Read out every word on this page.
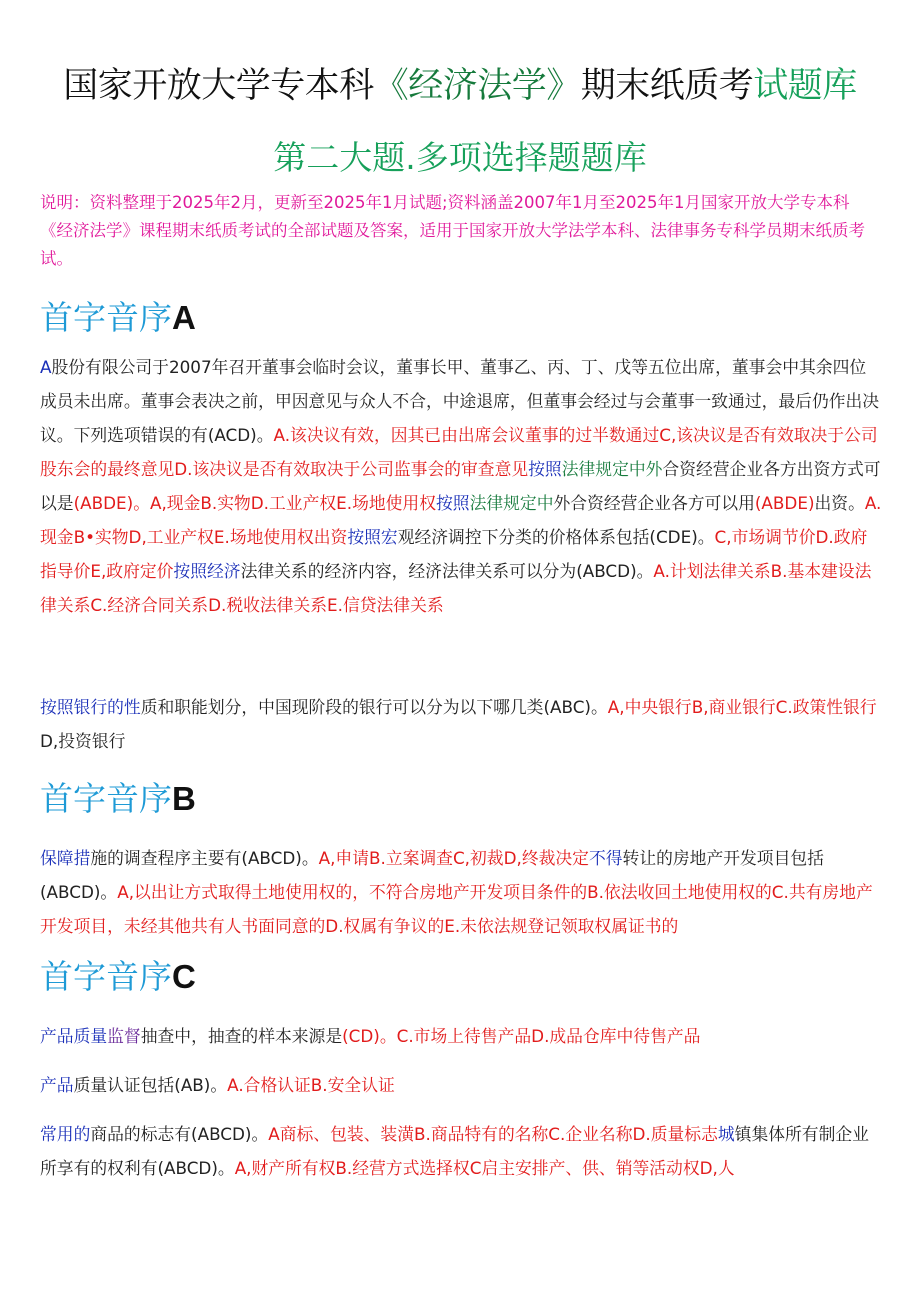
国家开放大学专本科《经济法学》期末纸质考试题库
第二大题.多项选择题题库
说明：资料整理于2025年2月，更新至2025年1月试题;资料涵盖2007年1月至2025年1月国家开放大学专本科《经济法学》课程期末纸质考试的全部试题及答案，适用于国家开放大学法学本科、法律事务专科学员期末纸质考试。
首字音序A
A股份有限公司于2007年召开董事会临时会议，董事长甲、董事乙、丙、丁、戊等五位出席，董事会中其余四位成员未出席。董事会表决之前，甲因意见与众人不合，中途退席，但董事会经过与会董事一致通过，最后仍作出决议。下列选项错误的有(ACD)。A.该决议有效，因其已由出席会议董事的过半数通过C,该决议是否有效取决于公司股东会的最终意见D.该决议是否有效取决于公司监事会的审查意见按照法律规定中外合资经营企业各方出资方式可以是(ABDE)。A,现金B.实物D.工业产权E.场地使用权按照法律规定中外合资经营企业各方可以用(ABDE)出资。A.现金B•实物D,工业产权E.场地使用权出资按照宏观经济调控下分类的价格体系包括(CDE)。C,市场调节价D.政府指导价E,政府定价按照经济法律关系的经济内容，经济法律关系可以分为(ABCD)。A.计划法律关系B.基本建设法律关系C.经济合同关系D.税收法律关系E.信贷法律关系
按照银行的性质和职能划分，中国现阶段的银行可以分为以下哪几类(ABC)。A,中央银行B,商业银行C.政策性银行D,投资银行
首字音序B
保障措施的调查程序主要有(ABCD)。A,申请B.立案调查C,初裁D,终裁决定不得转让的房地产开发项目包括(ABCD)。A,以出让方式取得土地使用权的，不符合房地产开发项目条件的B.依法收回土地使用权的C.共有房地产开发项目，未经其他共有人书面同意的D.权属有争议的E.未依法规登记领取权属证书的
首字音序C
产品质量监督抽查中，抽查的样本来源是(CD)。C.市场上待售产品D.成品仓库中待售产品
产品质量认证包括(AB)。A.合格认证B.安全认证
常用的商品的标志有(ABCD)。A商标、包装、装潢B.商品特有的名称C.企业名称D.质量标志城镇集体所有制企业所享有的权利有(ABCD)。A,财产所有权B.经营方式选择权C启主安排产、供、销等活动权D,人
